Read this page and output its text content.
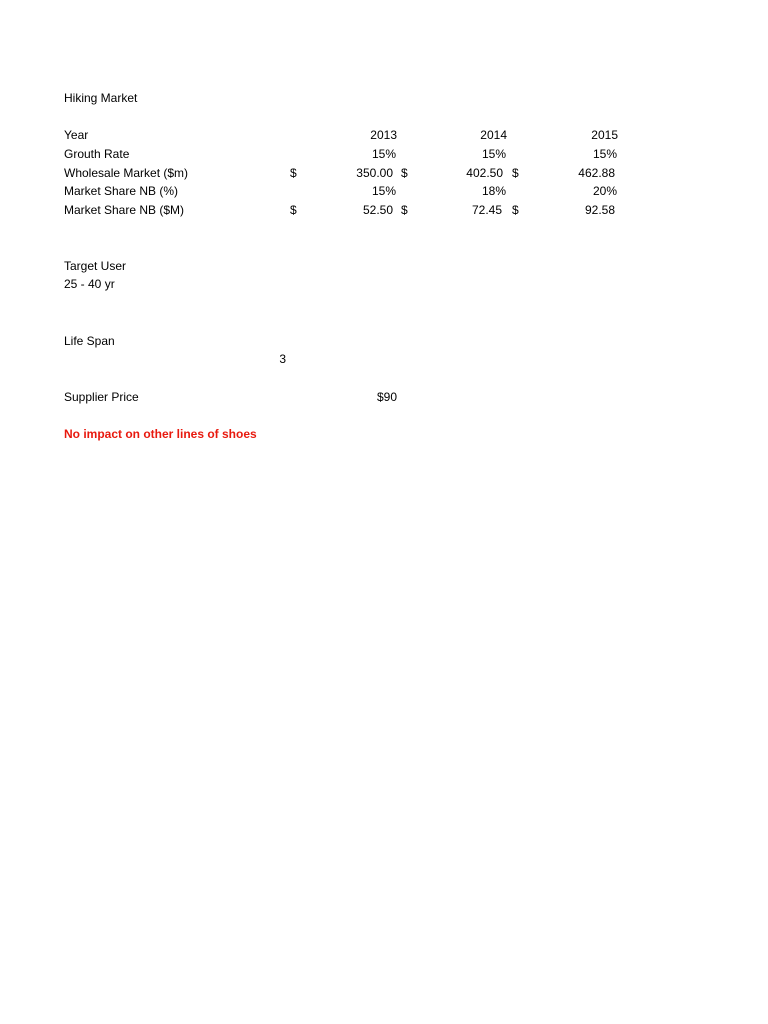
Hiking Market
Year	2013	2014	2015
Grouth Rate	15%	15%	15%
Wholesale Market ($m)	$	350.00 $	402.50 $	462.88
Market Share NB (%)	15%	18%	20%
Market Share NB ($M)	$	52.50 $	72.45 $	92.58
Target User
25 - 40 yr
Life Span
3
Supplier Price	$90
No impact on other lines of shoes
